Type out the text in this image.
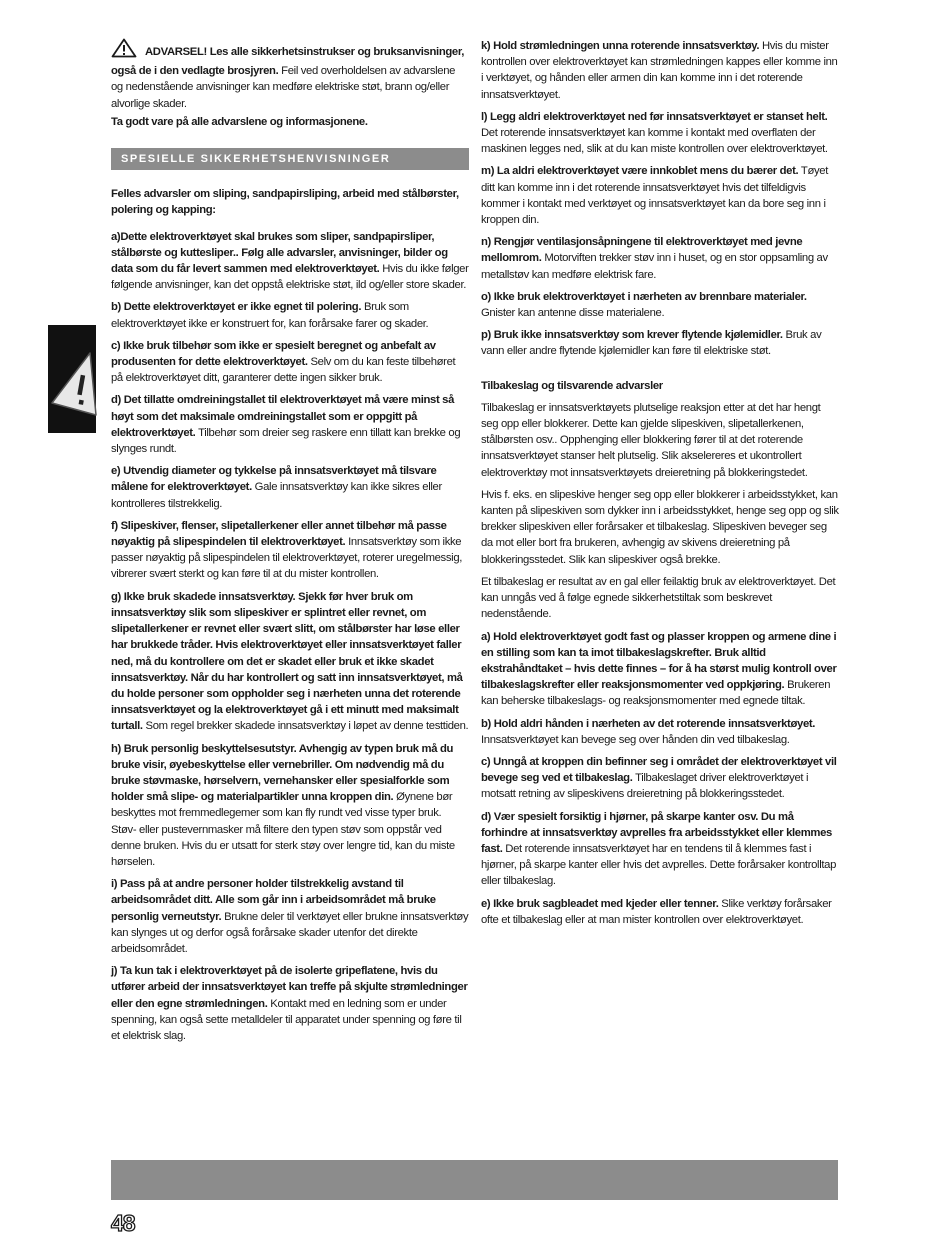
ADVARSEL! Les alle sikkerhetsinstrukser og bruksanvisninger, også de i den vedlagte brosjyren. Feil ved overholdelsen av advarslene og nedenstående anvisninger kan medføre elektriske støt, brann og/eller alvorlige skader.

Ta godt vare på alle advarslene og informasjonene.

SPESIELLE SIKKERHETSHENVISNINGER

Felles advarsler om sliping, sandpapirsliping, arbeid med stålbørster, polering og kapping:

a)Dette elektroverktøyet skal brukes som sliper, sandpapirsliper, stålbørste og kuttesliper.. Følg alle advarsler, anvisninger, bilder og data som du får levert sammen med elektroverktøyet. Hvis du ikke følger følgende anvisninger, kan det oppstå elektriske støt, ild og/eller store skader.

b) Dette elektroverktøyet er ikke egnet til polering. Bruk som elektroverktøyet ikke er konstruert for, kan forårsake farer og skader.

c) Ikke bruk tilbehør som ikke er spesielt beregnet og anbefalt av produsenten for dette elektroverktøyet. Selv om du kan feste tilbehøret på elektroverktøyet ditt, garanterer dette ingen sikker bruk.

d) Det tillatte omdreiningstallet til elektroverktøyet må være minst så høyt som det maksimale omdreiningstallet som er oppgitt på elektroverktøyet. Tilbehør som dreier seg raskere enn tillatt kan brekke og slynges rundt.

e) Utvendig diameter og tykkelse på innsatsverktøyet må tilsvare målene for elektroverktøyet. Gale innsatsverktøy kan ikke sikres eller kontrolleres tilstrekkelig.

f) Slipeskiver, flenser, slipetallerkener eller annet tilbehør må passe nøyaktig på slipespindelen til elektroverktøyet. Innsatsverktøy som ikke passer nøyaktig på slipespindelen til elektroverktøyet, roterer uregelmessig, vibrerer svært sterkt og kan føre til at du mister kontrollen.

g) Ikke bruk skadede innsatsverktøy. Sjekk før hver bruk om innsatsverktøy slik som slipeskiver er splintret eller revnet, om slipetallerkener er revnet eller svært slitt, om stålbørster har løse eller har brukkede tråder. Hvis elektroverktøyet eller innsatsverktøyet faller ned, må du kontrollere om det er skadet eller bruk et ikke skadet innsatsverktøy. Når du har kontrollert og satt inn innsatsverktøyet, må du holde personer som oppholder seg i nærheten unna det roterende innsatsverktøyet og la elektroverktøyet gå i ett minutt med maksimalt turtall. Som regel brekker skadede innsatsverktøy i løpet av denne testtiden.

h) Bruk personlig beskyttelsesutstyr. Avhengig av typen bruk må du bruke visir, øyebeskyttelse eller vernebriller. Om nødvendig må du bruke støvmaske, hørselvern, vernehansker eller spesialforkle som holder små slipe- og materialpartikler unna kroppen din. Øynene bør beskyttes mot fremmedlegemer som kan fly rundt ved visse typer bruk. Støv- eller pustevernmasker må filtere den typen støv som oppstår ved denne bruken. Hvis du er utsatt for sterk støy over lengre tid, kan du miste hørselen.

i) Pass på at andre personer holder tilstrekkelig avstand til arbeidsområdet ditt. Alle som går inn i arbeidsområdet må bruke personlig verneutstyr. Brukne deler til verktøyet eller brukne innsatsverktøy kan slynges ut og derfor også forårsake skader utenfor det direkte arbeidsområdet.

j) Ta kun tak i elektroverktøyet på de isolerte gripeflatene, hvis du utfører arbeid der innsatsverktøyet kan treffe på skjulte strømledninger eller den egne strømledningen. Kontakt med en ledning som er under spenning, kan også sette metalldeler til apparatet under spenning og føre til et elektrisk slag.

k) Hold strømledningen unna roterende innsatsverktøy. Hvis du mister kontrollen over elektroverktøyet kan strømledningen kappes eller komme inn i verktøyet, og hånden eller armen din kan komme inn i det roterende innsatsverktøyet.

l) Legg aldri elektroverktøyet ned før innsatsverktøyet er stanset helt. Det roterende innsatsverktøyet kan komme i kontakt med overflaten der maskinen legges ned, slik at du kan miste kontrollen over elektroverktøyet.

m) La aldri elektroverktøyet være innkoblet mens du bærer det. Tøyet ditt kan komme inn i det roterende innsatsverktøyet hvis det tilfeldigvis kommer i kontakt med verktøyet og innsatsverktøyet kan da bore seg inn i kroppen din.

n) Rengjør ventilasjonsåpningene til elektroverktøyet med jevne mellomrom. Motorviften trekker støv inn i huset, og en stor oppsamling av metallstøv kan medføre elektrisk fare.

o) Ikke bruk elektroverktøyet i nærheten av brennbare materialer. Gnister kan antenne disse materialene.

p) Bruk ikke innsatsverktøy som krever flytende kjølemidler. Bruk av vann eller andre flytende kjølemidler kan føre til elektriske støt.

Tilbakeslag og tilsvarende advarsler

Tilbakeslag er innsatsverktøyets plutselige reaksjon etter at det har hengt seg opp eller blokkerer. Dette kan gjelde slipeskiven, slipetallerkenen, stålbørsten osv.. Opphenging eller blokkering fører til at det roterende innsatsverktøyet stanser helt plutselig. Slik akselereres et ukontrollert elektroverktøy mot innsatsverktøyets dreieretning på blokkeringstedet.

Hvis f. eks. en slipeskive henger seg opp eller blokkerer i arbeidsstykket, kan kanten på slipeskiven som dykker inn i arbeidsstykket, henge seg opp og slik brekker slipeskiven eller forårsaker et tilbakeslag. Slipeskiven beveger seg da mot eller bort fra brukeren, avhengig av skivens dreieretning på blokkeringsstedet. Slik kan slipeskiver også brekke.

Et tilbakeslag er resultat av en gal eller feilaktig bruk av elektroverktøyet. Det kan unngås ved å følge egnede sikkerhetstiltak som beskrevet nedenstående.

a) Hold elektroverktøyet godt fast og plasser kroppen og armene dine i en stilling som kan ta imot tilbakeslagskrefter. Bruk alltid ekstrahåndtaket – hvis dette finnes – for å ha størst mulig kontroll over tilbakeslagskrefter eller reaksjonsmomenter ved oppkjøring. Brukeren kan beherske tilbakeslags- og reaksjonsmomenter med egnede tiltak.

b) Hold aldri hånden i nærheten av det roterende innsatsverktøyet. Innsatsverktøyet kan bevege seg over hånden din ved tilbakeslag.

c) Unngå at kroppen din befinner seg i området der elektroverktøyet vil bevege seg ved et tilbakeslag. Tilbakeslaget driver elektroverktøyet i motsatt retning av slipeskivens dreieretning på blokkeringsstedet.

d) Vær spesielt forsiktig i hjørner, på skarpe kanter osv. Du må forhindre at innsatsverktøy avprelles fra arbeidsstykket eller klemmes fast. Det roterende innsatsverktøyet har en tendens til å klemmes fast i hjørner, på skarpe kanter eller hvis det avprelles. Dette forårsaker kontrolltap eller tilbakeslag.

e) Ikke bruk sagbleadet med kjeder eller tenner. Slike verktøy forårsaker ofte et tilbakeslag eller at man mister kontrollen over elektroverktøyet.

48
